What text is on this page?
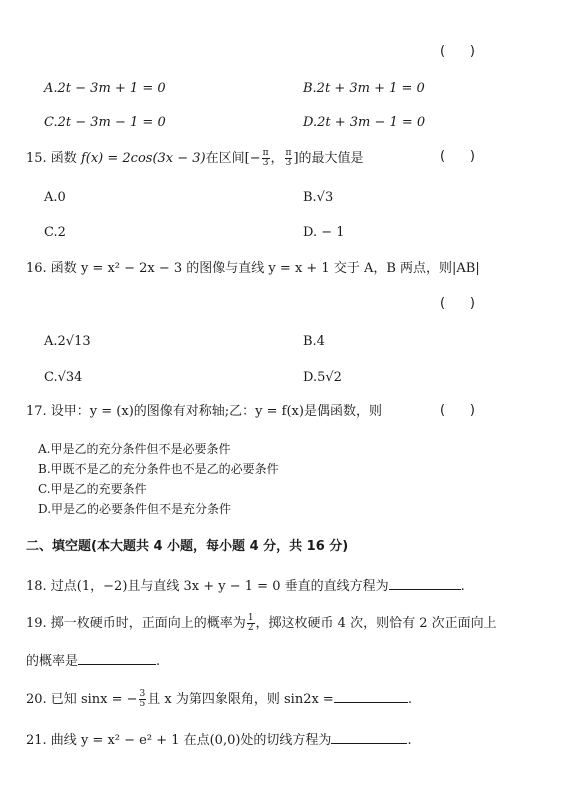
(      )
A.2t − 3m + 1 = 0	B.2t + 3m + 1 = 0
C.2t − 3m − 1 = 0	D.2t + 3m − 1 = 0
15. 函数 f(x) = 2cos(3x − 3)在区间[− $\frac{\pi}{3}$ ， $\frac{\pi}{3}$ ]的最大值是	(      )
A.0	B.√3
C.2	D. − 1
16. 函数 y = x² − 2x − 3 的图像与直线 y = x + 1 交于 A，B 两点，则|AB|
(      )
A.2√13	B.4
C.√34	D.5√2
17. 设甲：y = (x)的图像有对称轴;乙：y = f(x)是偶函数，则	(      )
A.甲是乙的充分条件但不是必要条件
B.甲既不是乙的充分条件也不是乙的必要条件
C.甲是乙的充要条件
D.甲是乙的必要条件但不是充分条件
二、填空题(本大题共 4 小题，每小题 4 分，共 16 分)
18. 过点(1，−2)且与直线 3x + y − 1 = 0 垂直的直线方程为	.
19. 掷一枚硬币时，正面向上的概率为 $\frac{1}{2}$ ，掷这枚硬币 4 次，则恰有 2 次正面向上
的概率是	.
20. 已知 sinx = − $\frac{3}{5}$ 且 x 为第四象限角，则 sin2x =	.
21. 曲线 y = x² − e² + 1 在点(0,0)处的切线方程为	.
